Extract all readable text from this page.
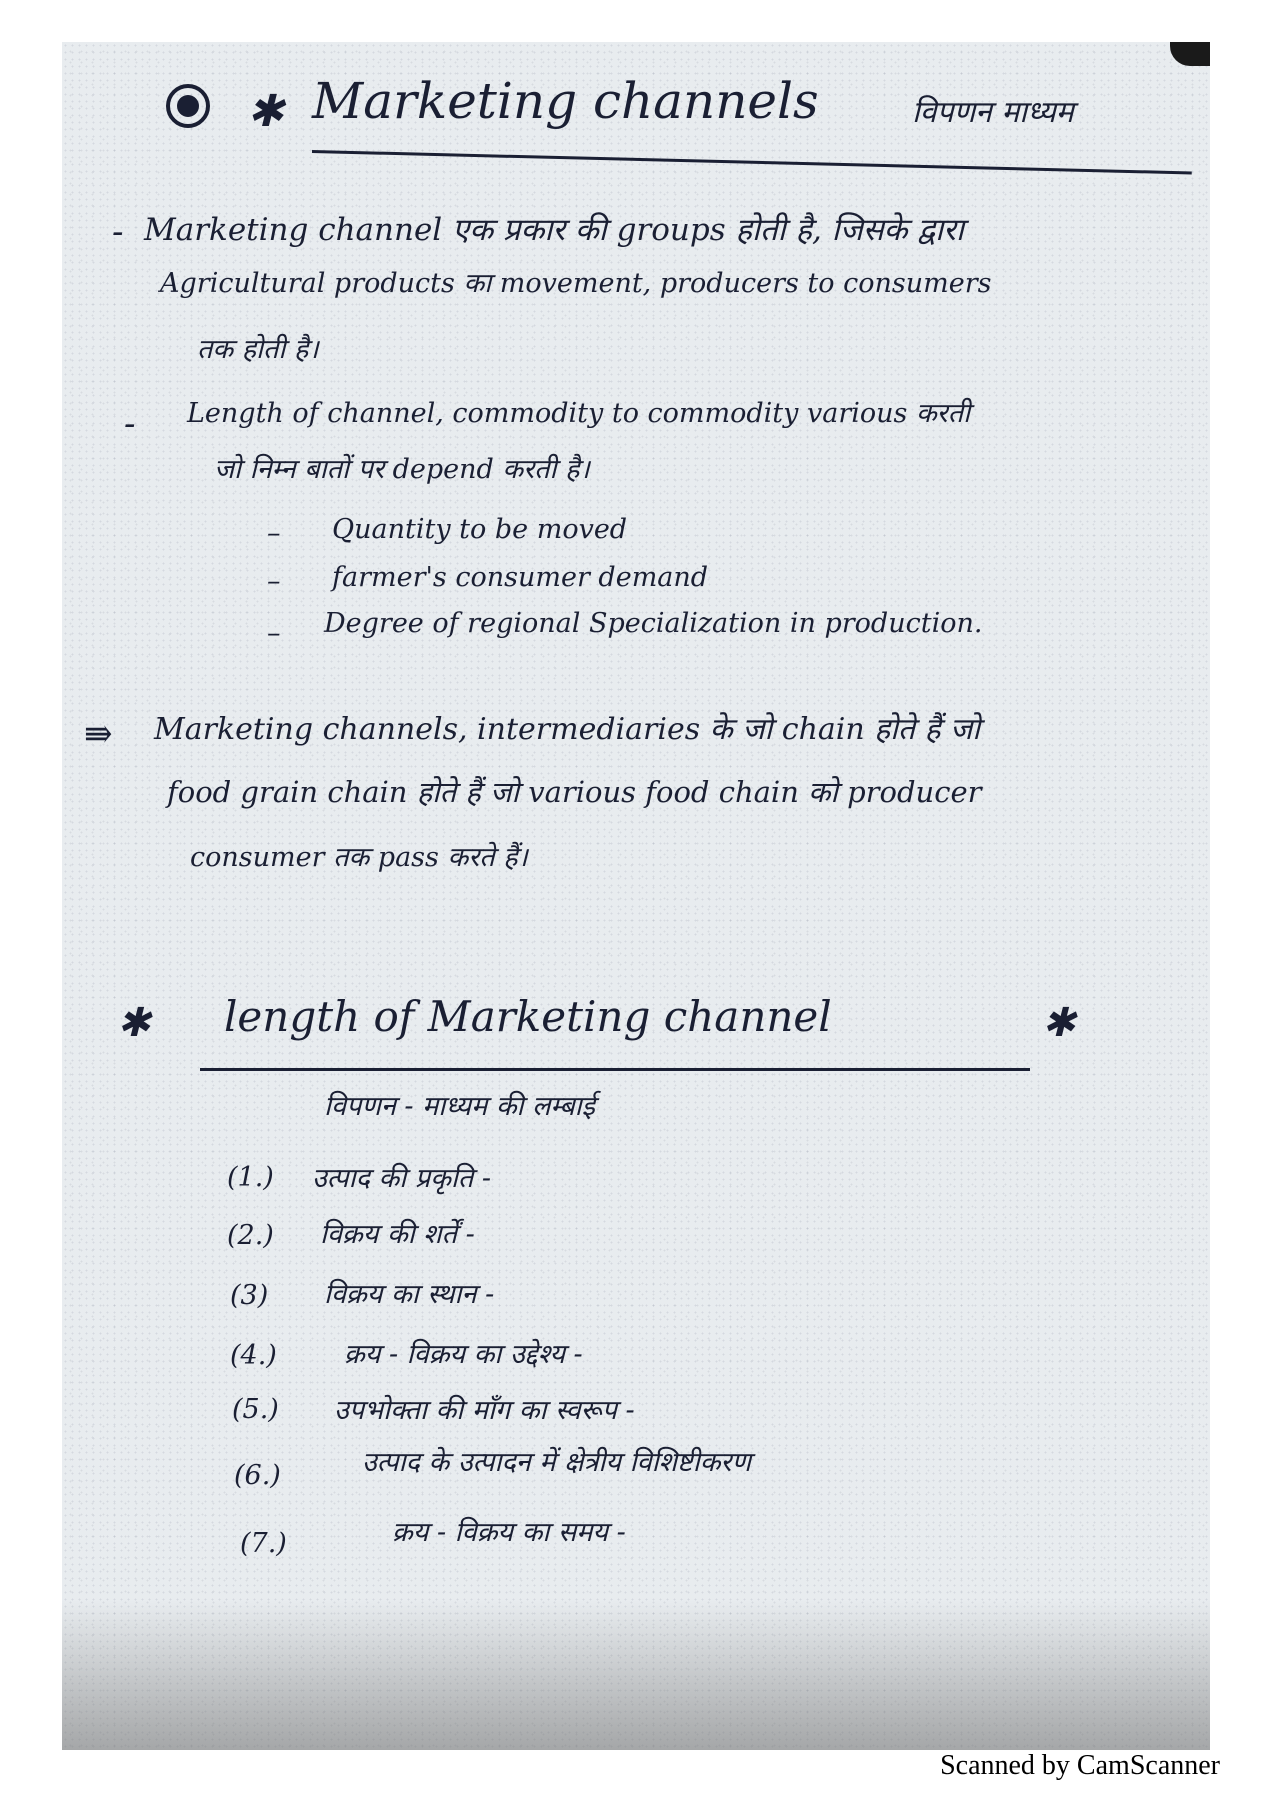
✱ Marketing channels	विपणन माध्यम
- Marketing channel एक प्रकार की groups होती है, जिसके द्वारा
Agricultural products का movement, producers to consumers
तक होती है।
- Length of channel, commodity to commodity various करती
जो निम्न बातों पर depend करती है।
– Quantity to be moved
– farmer's consumer demand
– Degree of regional Specialization in production.
⇛ Marketing channels, intermediaries के जो chain होते हैं जो
food grain chain होते हैं जो various food chain को producer
consumer तक pass करते हैं।
✱ length of Marketing channel	✱
विपणन - माध्यम की लम्बाई
(1.) उत्पाद की प्रकृति -
(2.) विक्रय की शर्तें -
(3) विक्रय का स्थान -
(4.) क्रय - विक्रय का उद्देश्य -
(5.) उपभोक्ता की माँग का स्वरूप -
(6.)	उत्पाद के उत्पादन में क्षेत्रीय विशिष्टीकरण
(7.)	क्रय - विक्रय का समय -
Scanned by CamScanner
